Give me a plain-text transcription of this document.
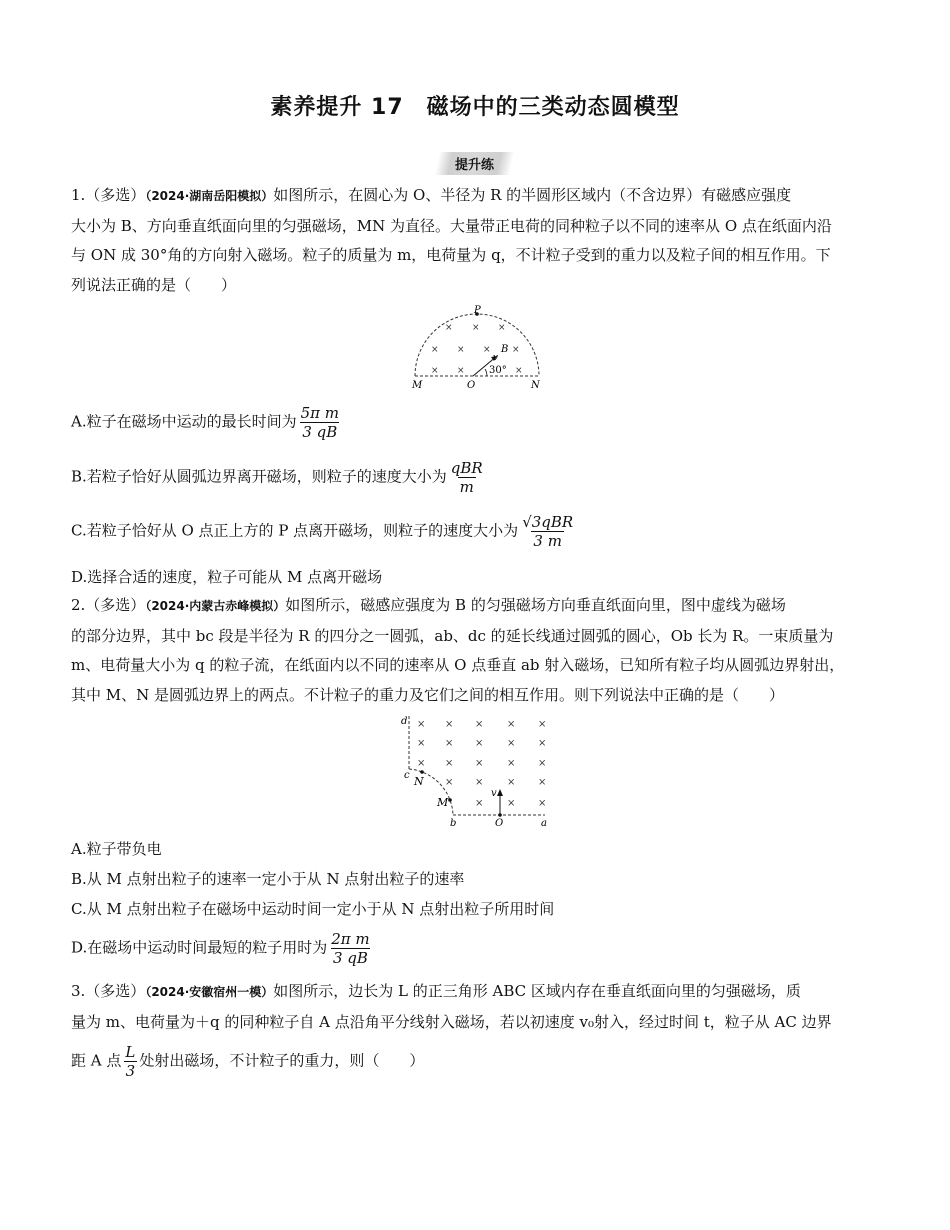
素养提升 17　磁场中的三类动态圆模型
提升练
1.（多选）（2024·湖南岳阳模拟）如图所示，在圆心为 O、半径为 R 的半圆形区域内（不含边界）有磁感应强度
大小为 B、方向垂直纸面向里的匀强磁场，MN 为直径。大量带正电荷的同种粒子以不同的速率从 O 点在纸面内沿
与 ON 成 30°角的方向射入磁场。粒子的质量为 m，电荷量为 q，不计粒子受到的重力以及粒子间的相互作用。下
列说法正确的是（　　）
P
× × ×
× × × ×
× ×	×
B
v
30°
M	O	N
A.粒子在磁场中运动的最长时间为 $\frac{\text{5π m}}{3 qB}$
B.若粒子恰好从圆弧边界离开磁场，则粒子的速度大小为 $\frac{\text{qBR}}{m}$
C.若粒子恰好从 O 点正上方的 P 点离开磁场，则粒子的速度大小为 $\frac{\text{√3qBR}}{3 m}$
D.选择合适的速度，粒子可能从 M 点离开磁场
2.（多选）（2024·内蒙古赤峰模拟）如图所示，磁感应强度为 B 的匀强磁场方向垂直纸面向里，图中虚线为磁场
的部分边界，其中 bc 段是半径为 R 的四分之一圆弧，ab、dc 的延长线通过圆弧的圆心，Ob 长为 R。一束质量为
m、电荷量大小为 q 的粒子流，在纸面内以不同的速率从 O 点垂直 ab 射入磁场，已知所有粒子均从圆弧边界射出，
其中 M、N 是圆弧边界上的两点。不计粒子的重力及它们之间的相互作用。则下列说法中正确的是（　　）
× × × × ×
× × × × ×
× × × × ×
× × × ×
× × ×
v
d
c N
M
b	O	a
A.粒子带负电
B.从 M 点射出粒子的速率一定小于从 N 点射出粒子的速率
C.从 M 点射出粒子在磁场中运动时间一定小于从 N 点射出粒子所用时间
D.在磁场中运动时间最短的粒子用时为 $\frac{\text{2π m}}{3 qB}$
3.（多选）（2024·安徽宿州一模）如图所示，边长为 L 的正三角形 ABC 区域内存在垂直纸面向里的匀强磁场，质
量为 m、电荷量为＋q 的同种粒子自 A 点沿角平分线射入磁场，若以初速度 v₀射入，经过时间 t，粒子从 AC 边界
距 A 点 $\frac{L}{3}$ 处射出磁场，不计粒子的重力，则（　　）
